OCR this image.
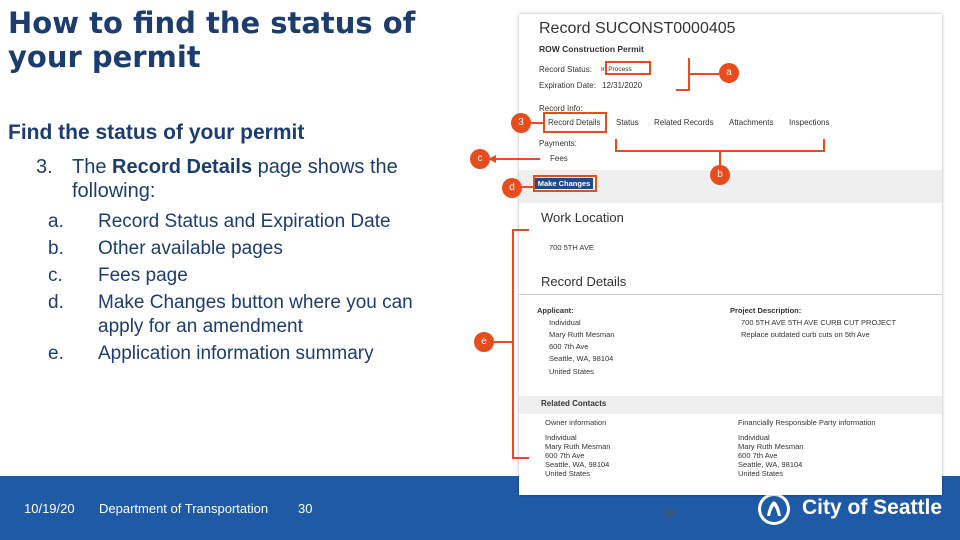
How to find the status of your permit
Find the status of your permit
3. The Record Details page shows the following:
a. Record Status and Expiration Date
b. Other available pages
c. Fees page
d. Make Changes button where you can apply for an amendment
e. Application information summary
10/19/20 Department of Transportation 30	City of Seattle
Record SUCONST0000405
ROW Construction Permit
Record Status: In Process
Expiration Date: 12/31/2020
Record Info:
Record Details Status Related Records Attachments Inspections
Payments:
Fees
Make Changes
Work Location
700 5TH AVE
Record Details
Applicant:
Individual
Mary Ruth Mesman
600 7th Ave
Seattle, WA, 98104
United States
Project Description:
700 5TH AVE 5TH AVE CURB CUT PROJECT
Replace outdated curb cuts on 5th Ave
Related Contacts
Owner information
Individual
Mary Ruth Mesman
600 7th Ave
Seattle, WA, 98104
United States
Financially Responsible Party information
Individual
Mary Ruth Mesman
600 7th Ave
Seattle, WA, 98104
United States
30
a
3
b
c
d
e
